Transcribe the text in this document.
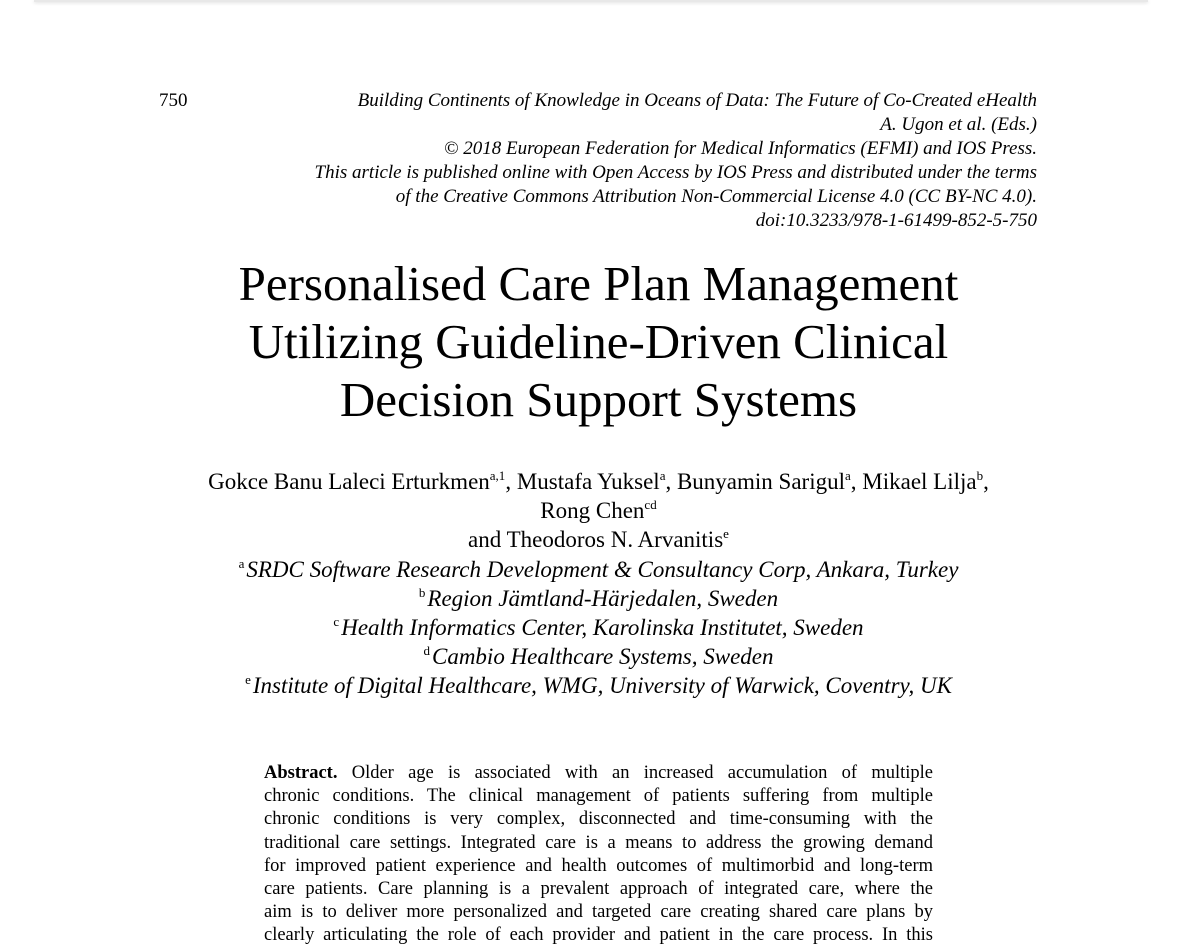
750	Building Continents of Knowledge in Oceans of Data: The Future of Co-Created eHealth
A. Ugon et al. (Eds.)
© 2018 European Federation for Medical Informatics (EFMI) and IOS Press.
This article is published online with Open Access by IOS Press and distributed under the terms
of the Creative Commons Attribution Non-Commercial License 4.0 (CC BY-NC 4.0).
doi:10.3233/978-1-61499-852-5-750
Personalised Care Plan Management
Utilizing Guideline-Driven Clinical
Decision Support Systems
Gokce Banu Laleci Erturkmen$^{a,1}$, Mustafa Yuksel$^a$, Bunyamin Sarigul$^a$, Mikael Lilja$^b$,
Rong Chen$^{cd}$
and Theodoros N. Arvanitis$^e$
$^a$SRDC Software Research Development & Consultancy Corp, Ankara, Turkey
$^b$Region Jämtland-Härjedalen, Sweden
$^c$Health Informatics Center, Karolinska Institutet, Sweden
$^d$Cambio Healthcare Systems, Sweden
$^e$Institute of Digital Healthcare, WMG, University of Warwick, Coventry, UK
Abstract. Older age is associated with an increased accumulation of multiple
chronic conditions. The clinical management of patients suffering from multiple
chronic conditions is very complex, disconnected and time-consuming with the
traditional care settings. Integrated care is a means to address the growing demand
for improved patient experience and health outcomes of multimorbid and long-term
care patients. Care planning is a prevalent approach of integrated care, where the
aim is to deliver more personalized and targeted care creating shared care plans by
clearly articulating the role of each provider and patient in the care process. In this
